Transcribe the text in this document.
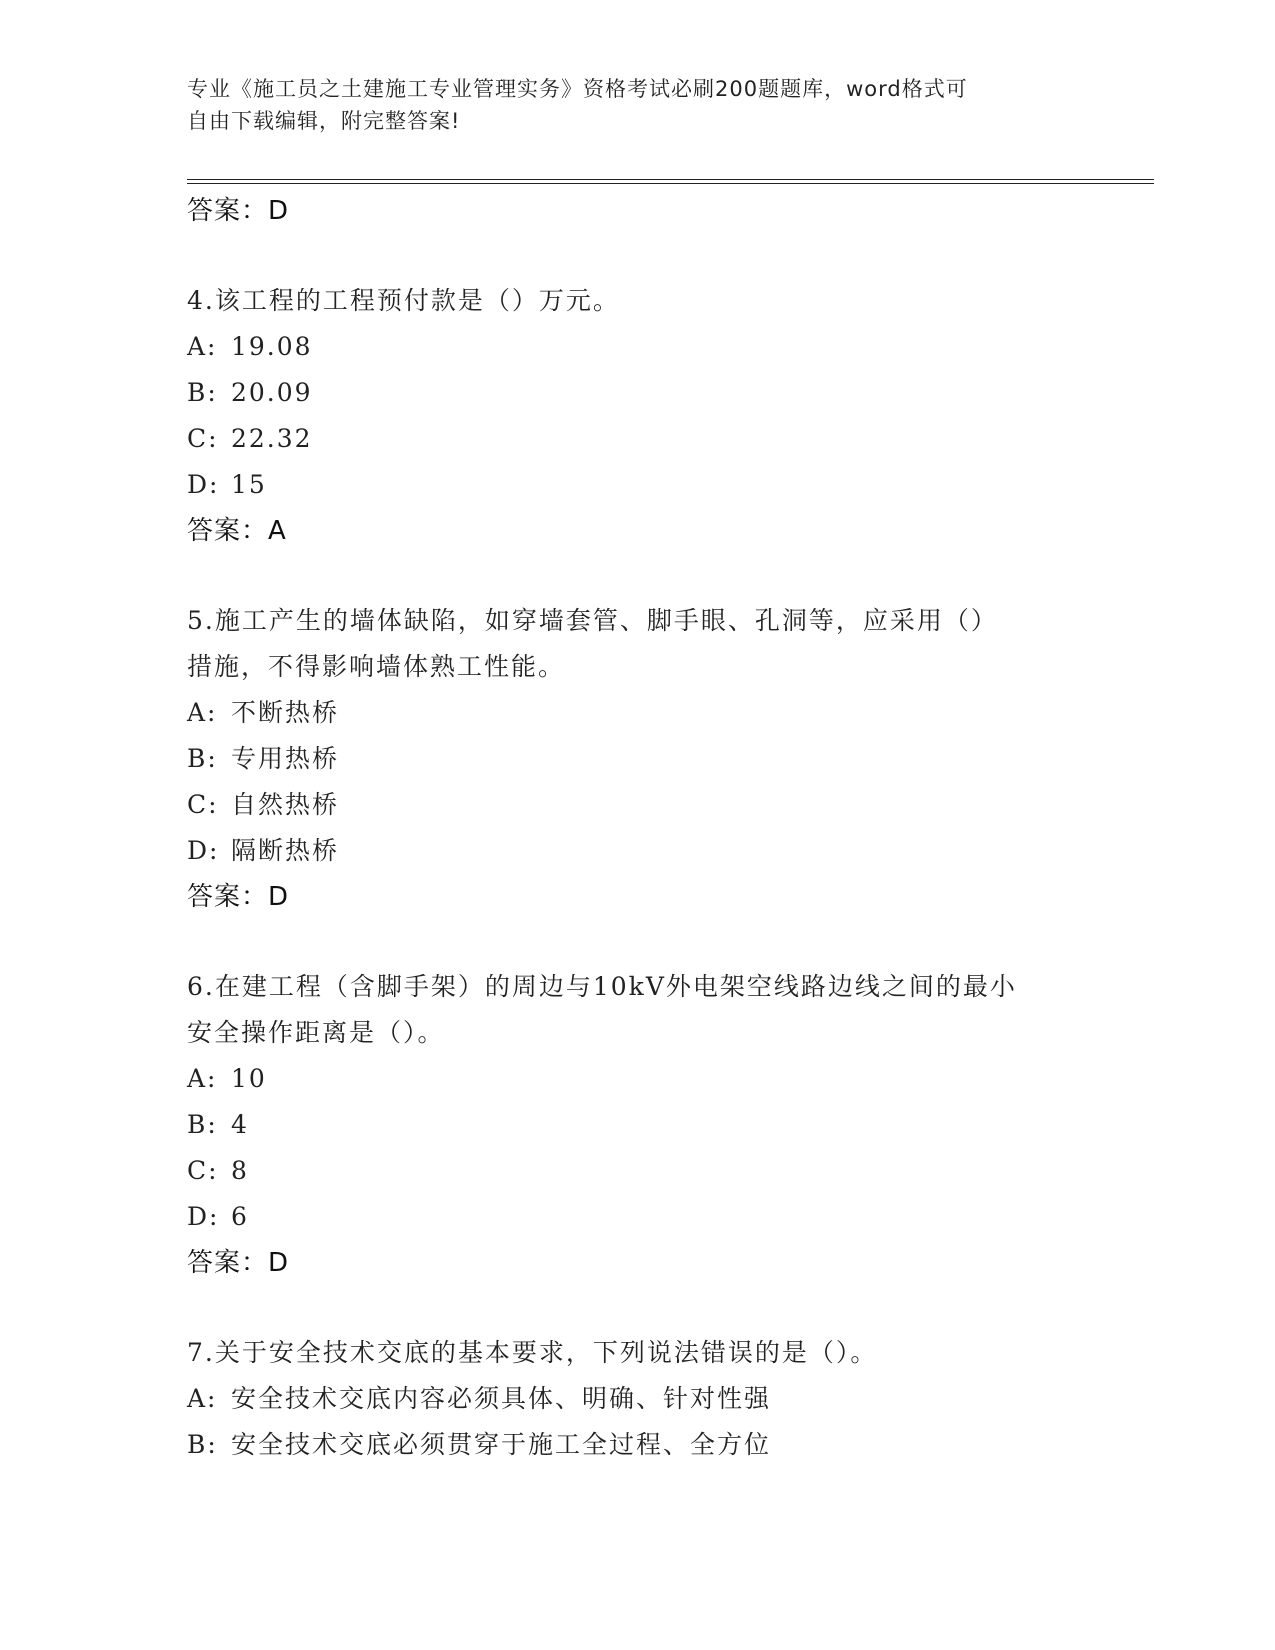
专业《施工员之土建施工专业管理实务》资格考试必刷200题题库，word格式可
自由下载编辑，附完整答案!
答案：D
4.该工程的工程预付款是（）万元。
A: 19.08
B: 20.09
C: 22.32
D: 15
答案：A
5.施工产生的墙体缺陷，如穿墙套管、脚手眼、孔洞等，应采用（）
措施，不得影响墙体熟工性能。
A: 不断热桥
B: 专用热桥
C: 自然热桥
D: 隔断热桥
答案：D
6.在建工程（含脚手架）的周边与10kV外电架空线路边线之间的最小
安全操作距离是（）。
A: 10
B: 4
C: 8
D: 6
答案：D
7.关于安全技术交底的基本要求，下列说法错误的是（）。
A: 安全技术交底内容必须具体、明确、针对性强
B: 安全技术交底必须贯穿于施工全过程、全方位
